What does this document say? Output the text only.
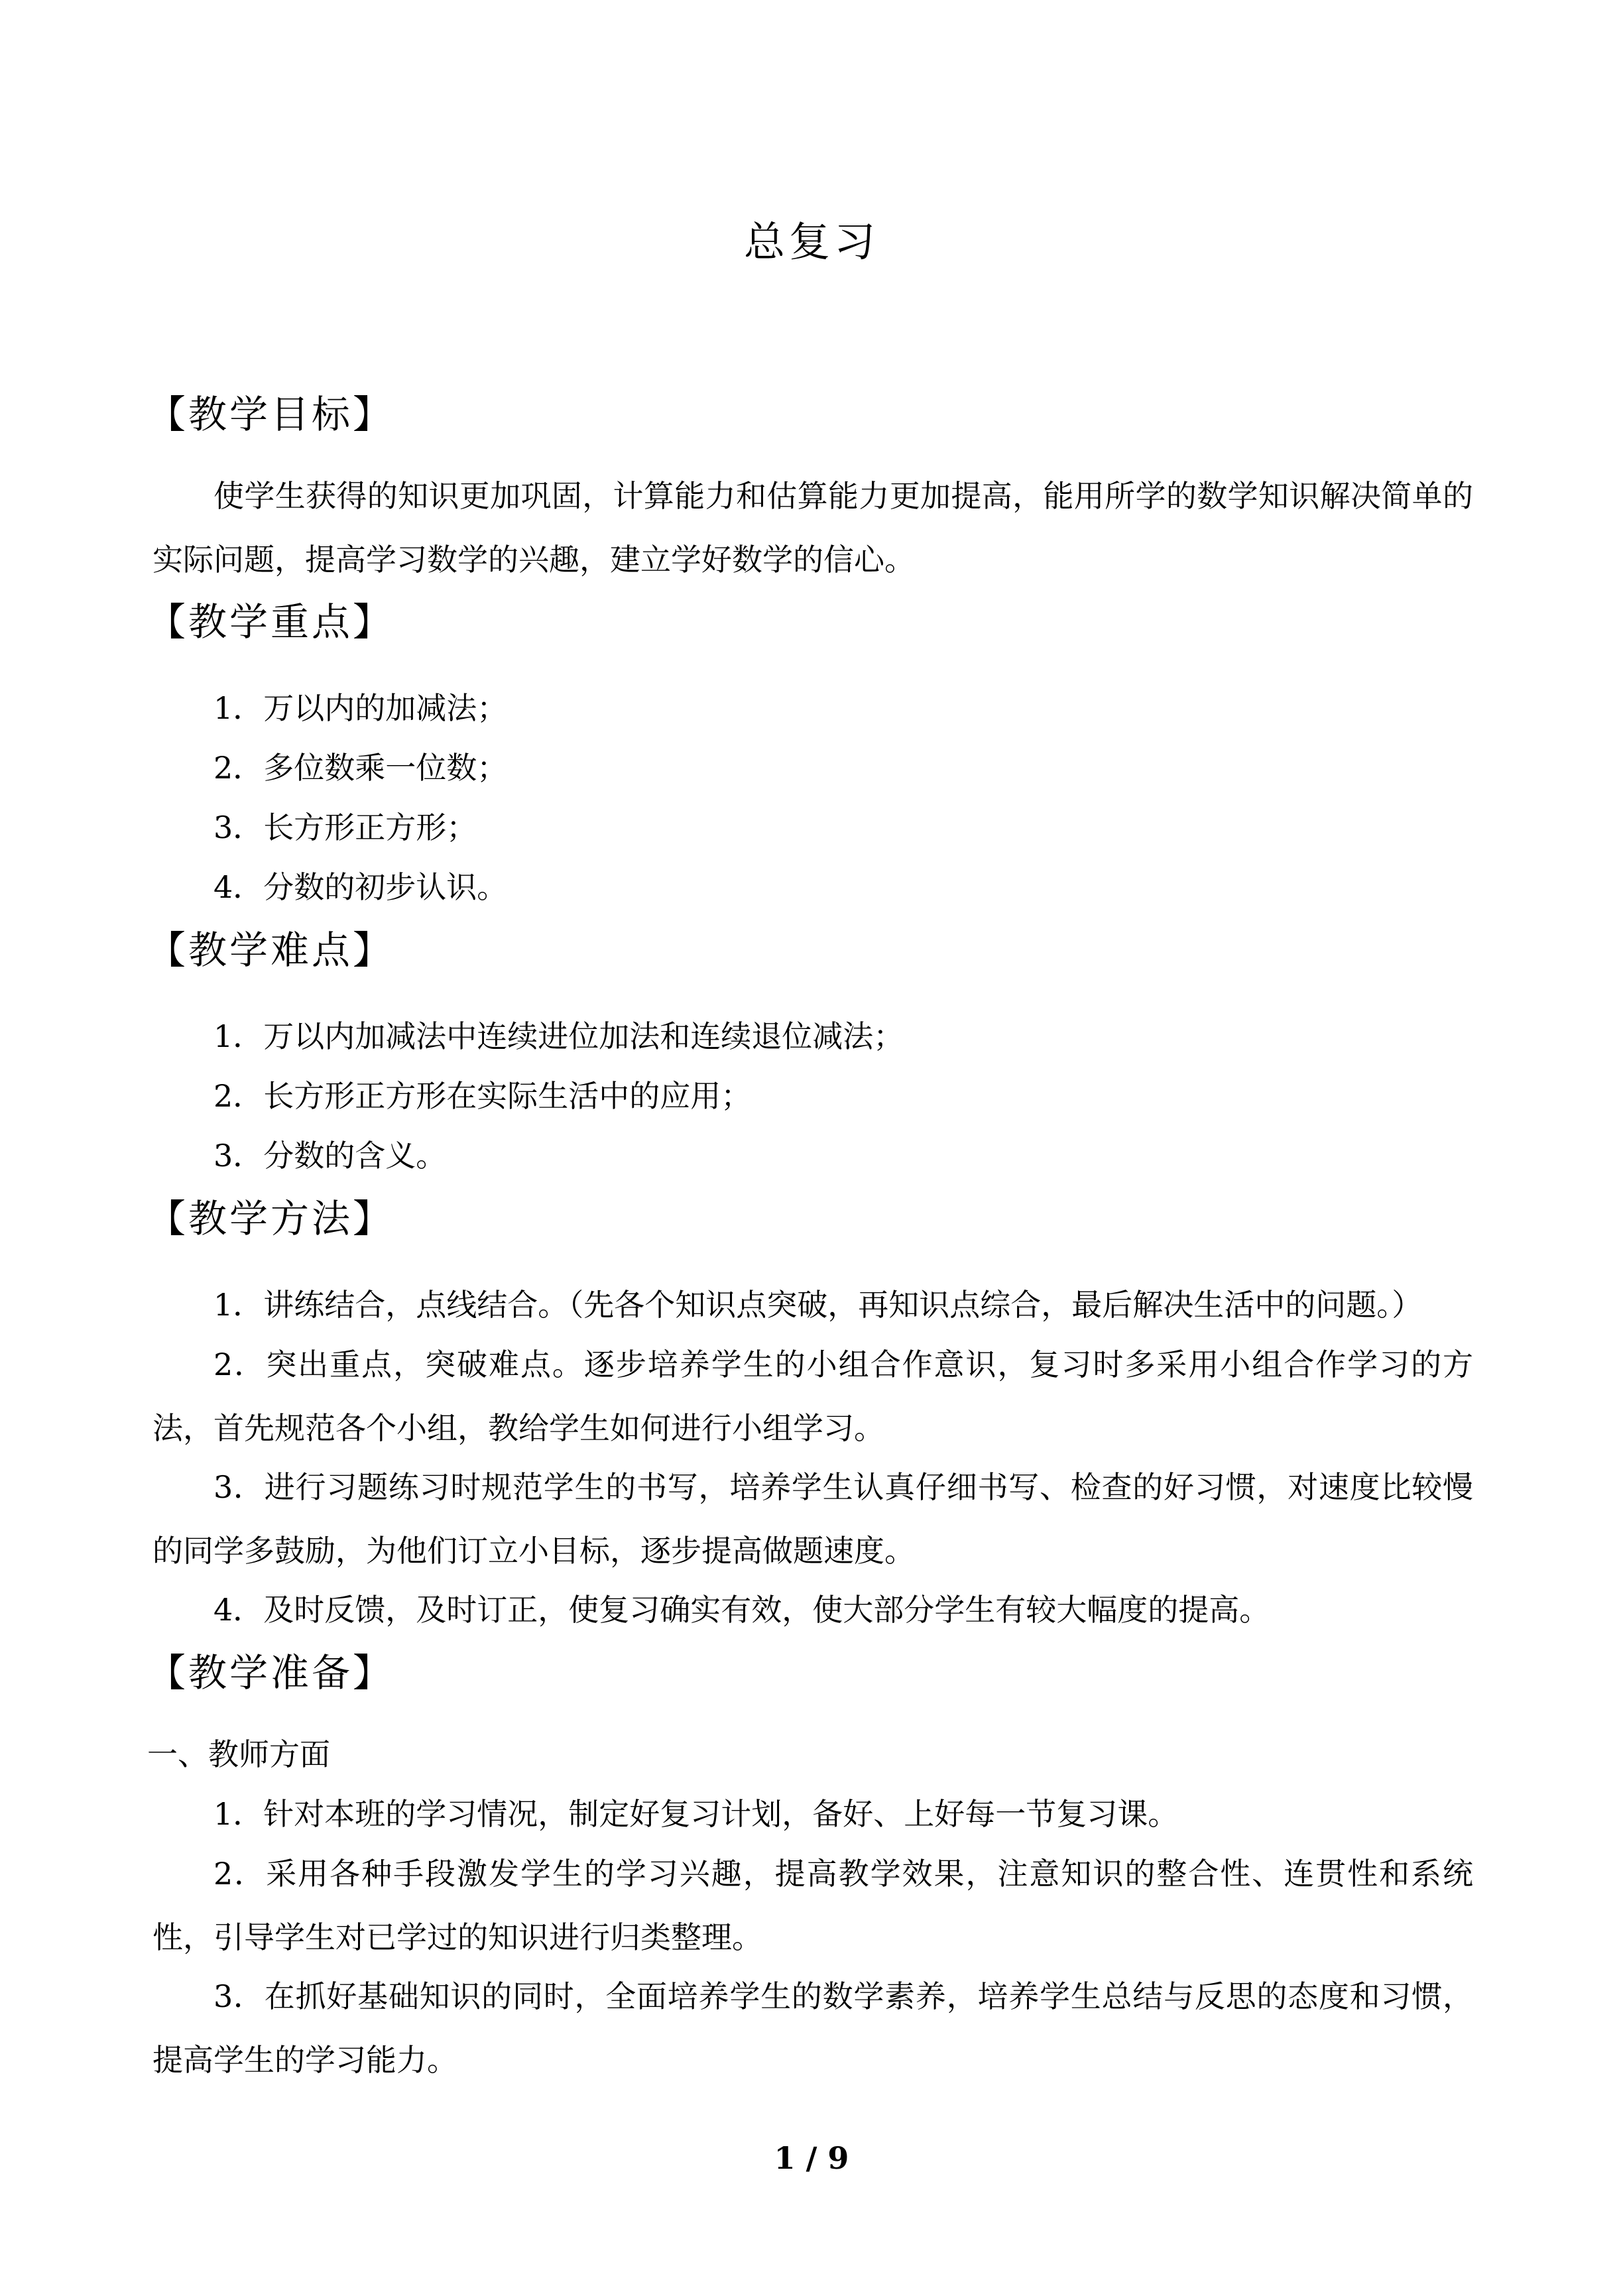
总复习
【教学目标】
使学生获得的知识更加巩固，计算能力和估算能力更加提高，能用所学的数学知识解决简单的实际问题，提高学习数学的兴趣，建立学好数学的信心。
【教学重点】
1．万以内的加减法；
2．多位数乘一位数；
3．长方形正方形；
4．分数的初步认识。
【教学难点】
1．万以内加减法中连续进位加法和连续退位减法；
2．长方形正方形在实际生活中的应用；
3．分数的含义。
【教学方法】
1．讲练结合，点线结合。（先各个知识点突破，再知识点综合，最后解决生活中的问题。）
2．突出重点，突破难点。逐步培养学生的小组合作意识，复习时多采用小组合作学习的方法，首先规范各个小组，教给学生如何进行小组学习。
3．进行习题练习时规范学生的书写，培养学生认真仔细书写、检查的好习惯，对速度比较慢的同学多鼓励，为他们订立小目标，逐步提高做题速度。
4．及时反馈，及时订正，使复习确实有效，使大部分学生有较大幅度的提高。
【教学准备】
一、教师方面
1．针对本班的学习情况，制定好复习计划，备好、上好每一节复习课。
2．采用各种手段激发学生的学习兴趣，提高教学效果，注意知识的整合性、连贯性和系统性，引导学生对已学过的知识进行归类整理。
3．在抓好基础知识的同时，全面培养学生的数学素养，培养学生总结与反思的态度和习惯，提高学生的学习能力。
1 / 9
